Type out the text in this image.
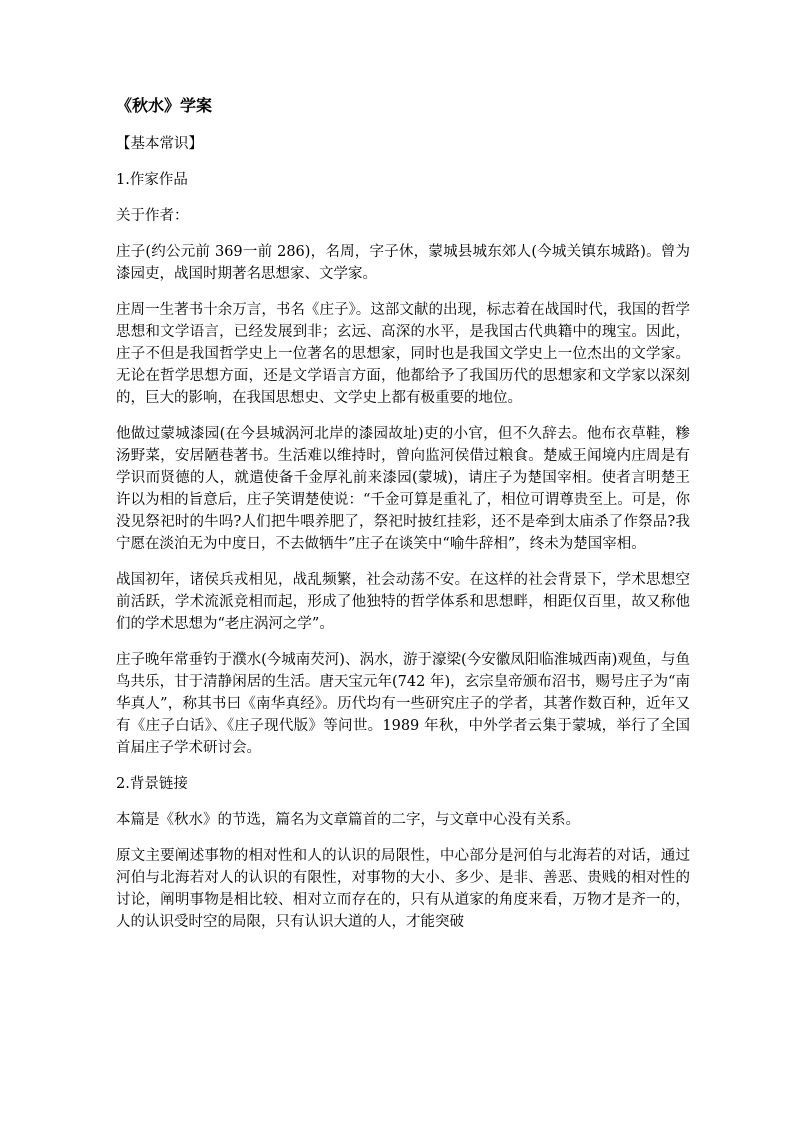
《秋水》学案
【基本常识】
1.作家作品
关于作者：
庄子(约公元前 369一前 286)，名周，字子休，蒙城县城东郊人(今城关镇东城路)。曾为漆园吏，战国时期著名思想家、文学家。
庄周一生著书十余万言，书名《庄子》。这部文献的出现，标志着在战国时代，我国的哲学思想和文学语言，已经发展到非；玄远、高深的水平，是我国古代典籍中的瑰宝。因此，庄子不但是我国哲学史上一位著名的思想家，同时也是我国文学史上一位杰出的文学家。无论在哲学思想方面，还是文学语言方面，他都给予了我国历代的思想家和文学家以深刻的，巨大的影响，在我国思想史、文学史上都有极重要的地位。
他做过蒙城漆园(在今县城涡河北岸的漆园故址)吏的小官，但不久辞去。他布衣草鞋，糁汤野菜，安居陋巷著书。生活难以维持时，曾向监河侯借过粮食。楚威王闻境内庄周是有学识而贤德的人，就遣使备千金厚礼前来漆园(蒙城)，请庄子为楚国宰相。使者言明楚王许以为相的旨意后，庄子笑谓楚使说：“千金可算是重礼了，相位可谓尊贵至上。可是，你没见祭祀时的牛吗?人们把牛喂养肥了，祭祀时披红挂彩，还不是牵到太庙杀了作祭品?我宁愿在淡泊无为中度日，不去做牺牛”庄子在谈笑中“喻牛辞相”，终未为楚国宰相。
战国初年，诸侯兵戎相见，战乱频繁，社会动荡不安。在这样的社会背景下，学术思想空前活跃，学术流派竞相而起，形成了他独特的哲学体系和思想畔，相距仅百里，故又称他们的学术思想为“老庄涡河之学”。
庄子晚年常垂钓于濮水(今城南芡河)、涡水，游于濠梁(今安徽凤阳临淮城西南)观鱼，与鱼鸟共乐，甘于清静闲居的生活。唐天宝元年(742 年)，玄宗皇帝颁布沼书，赐号庄子为“南华真人”，称其书曰《南华真经》。历代均有一些研究庄子的学者，其著作数百种，近年又有《庄子白话》、《庄子现代版》等问世。1989 年秋，中外学者云集于蒙城，举行了全国首届庄子学术研讨会。
2.背景链接
本篇是《秋水》的节选，篇名为文章篇首的二字，与文章中心没有关系。
原文主要阐述事物的相对性和人的认识的局限性，中心部分是河伯与北海若的对话，通过河伯与北海若对人的认识的有限性，对事物的大小、多少、是非、善恶、贵贱的相对性的讨论，阐明事物是相比较、相对立而存在的，只有从道家的角度来看，万物才是齐一的，人的认识受时空的局限，只有认识大道的人，才能突破
